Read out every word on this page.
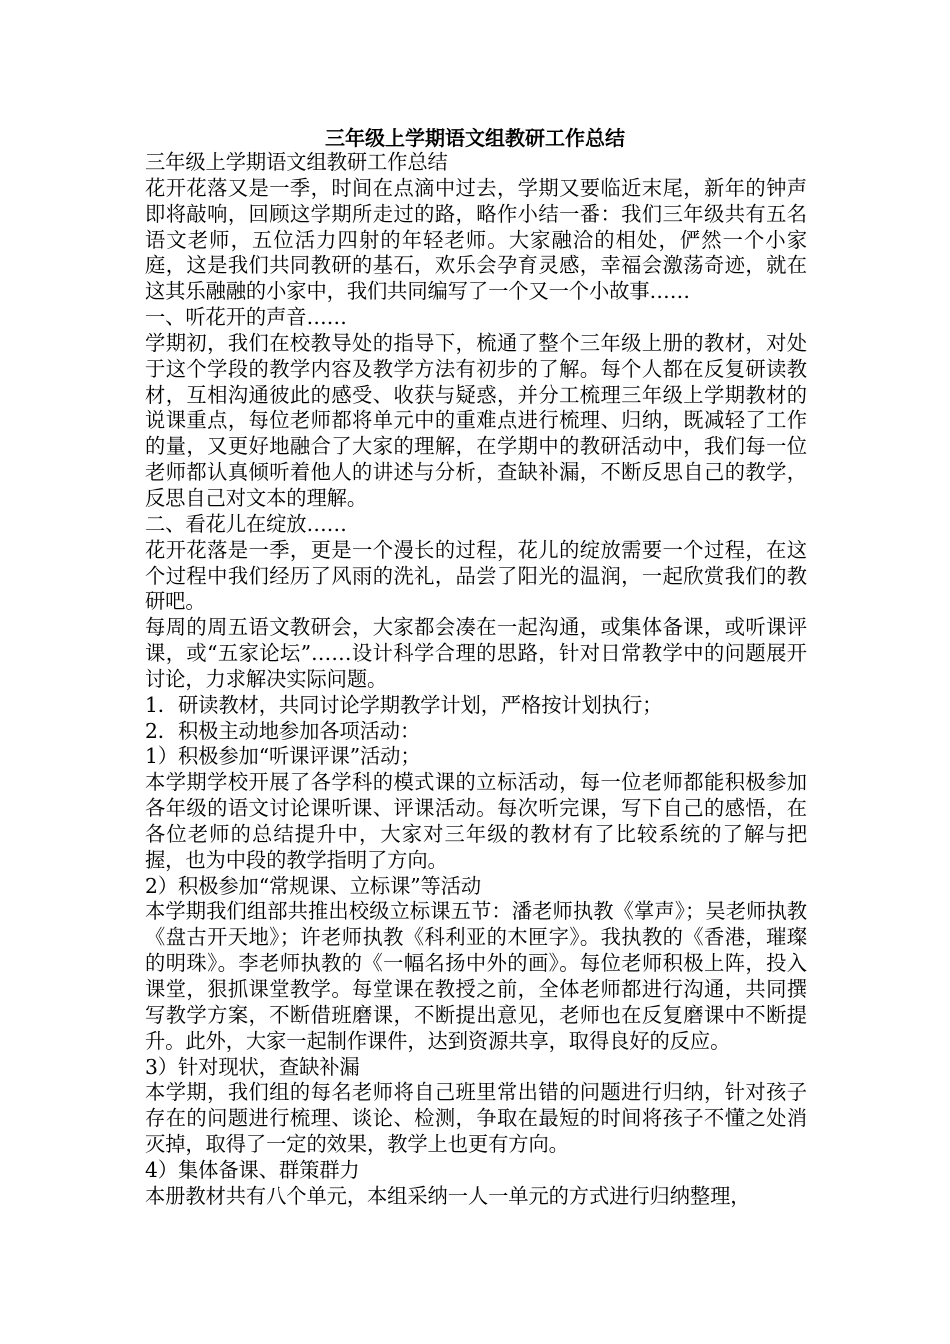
三年级上学期语文组教研工作总结

三年级上学期语文组教研工作总结

花开花落又是一季，时间在点滴中过去，学期又要临近末尾，新年的钟声即将敲响，回顾这学期所走过的路，略作小结一番：我们三年级共有五名语文老师，五位活力四射的年轻老师。大家融洽的相处，俨然一个小家庭，这是我们共同教研的基石，欢乐会孕育灵感，幸福会激荡奇迹，就在这其乐融融的小家中，我们共同编写了一个又一个小故事……

一、听花开的声音……

学期初，我们在校教导处的指导下，梳通了整个三年级上册的教材，对处于这个学段的教学内容及教学方法有初步的了解。每个人都在反复研读教材，互相沟通彼此的感受、收获与疑惑，并分工梳理三年级上学期教材的说课重点，每位老师都将单元中的重难点进行梳理、归纳，既减轻了工作的量，又更好地融合了大家的理解，在学期中的教研活动中，我们每一位老师都认真倾听着他人的讲述与分析，查缺补漏，不断反思自己的教学，反思自己对文本的理解。

二、看花儿在绽放……

花开花落是一季，更是一个漫长的过程，花儿的绽放需要一个过程，在这个过程中我们经历了风雨的洗礼，品尝了阳光的温润，一起欣赏我们的教研吧。

每周的周五语文教研会，大家都会凑在一起沟通，或集体备课，或听课评课，或“五家论坛”……设计科学合理的思路，针对日常教学中的问题展开讨论，力求解决实际问题。

1．研读教材，共同讨论学期教学计划，严格按计划执行；

2．积极主动地参加各项活动：

1）积极参加“听课评课”活动；

本学期学校开展了各学科的模式课的立标活动，每一位老师都能积极参加各年级的语文讨论课听课、评课活动。每次听完课，写下自己的感悟，在各位老师的总结提升中，大家对三年级的教材有了比较系统的了解与把握，也为中段的教学指明了方向。

2）积极参加“常规课、立标课”等活动

本学期我们组部共推出校级立标课五节：潘老师执教《掌声》；吴老师执教《盘古开天地》；许老师执教《科利亚的木匣字》。我执教的《香港，璀璨的明珠》。李老师执教的《一幅名扬中外的画》。每位老师积极上阵，投入课堂，狠抓课堂教学。每堂课在教授之前，全体老师都进行沟通，共同撰写教学方案，不断借班磨课，不断提出意见，老师也在反复磨课中不断提升。此外，大家一起制作课件，达到资源共享，取得良好的反应。

3）针对现状，查缺补漏

本学期，我们组的每名老师将自己班里常出错的问题进行归纳，针对孩子存在的问题进行梳理、谈论、检测，争取在最短的时间将孩子不懂之处消灭掉，取得了一定的效果，教学上也更有方向。

4）集体备课、群策群力

本册教材共有八个单元，本组采纳一人一单元的方式进行归纳整理，
